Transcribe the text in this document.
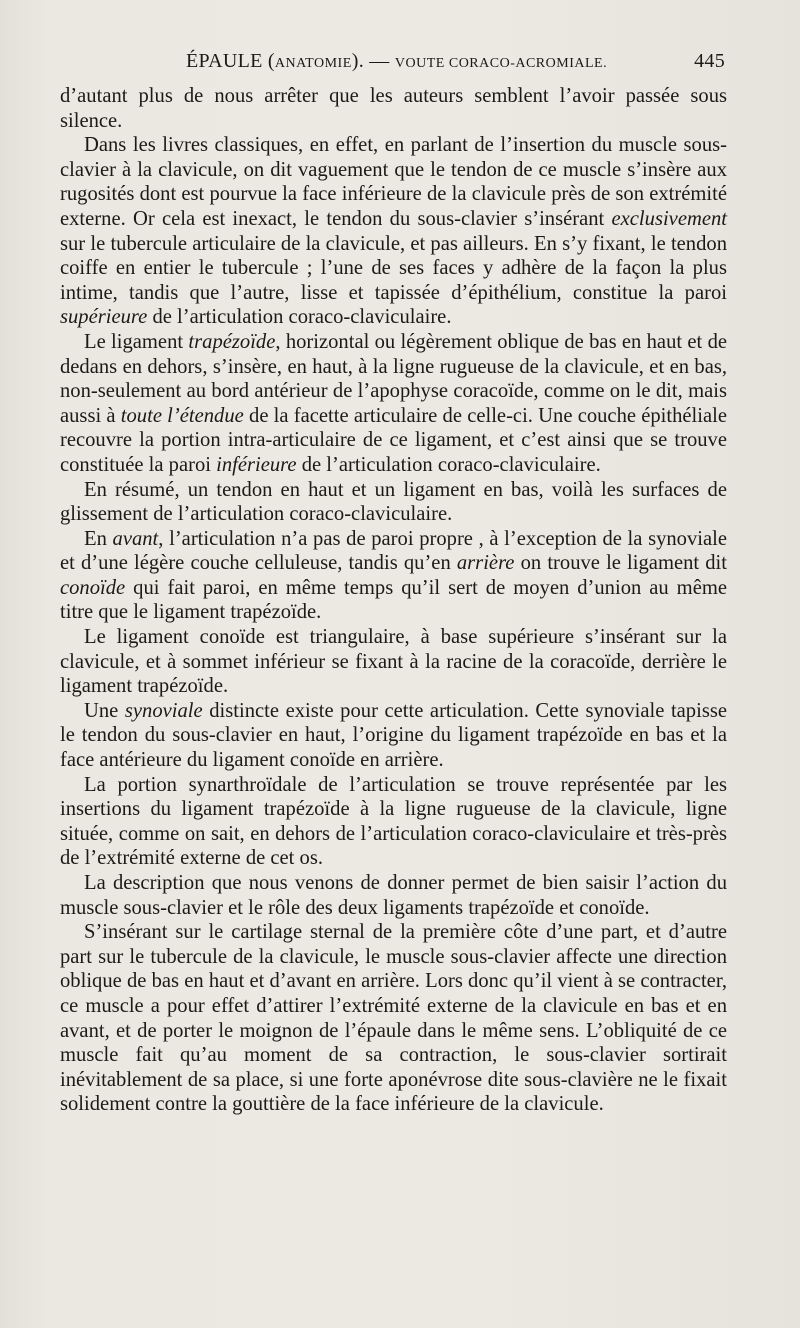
ÉPAULE (ANATOMIE). — VOUTE CORACO-ACROMIALE.	445

d’autant plus de nous arrêter que les auteurs semblent l’avoir passée sous silence.

Dans les livres classiques, en effet, en parlant de l’insertion du muscle sous-clavier à la clavicule, on dit vaguement que le tendon de ce muscle s’insère aux rugosités dont est pourvue la face inférieure de la clavicule près de son extrémité externe. Or cela est inexact, le tendon du sous-clavier s’insérant exclusivement sur le tubercule articulaire de la clavicule, et pas ailleurs. En s’y fixant, le tendon coiffe en entier le tubercule ; l’une de ses faces y adhère de la façon la plus intime, tandis que l’autre, lisse et tapissée d’épithélium, constitue la paroi supérieure de l’articulation coraco-claviculaire.

Le ligament trapézoïde, horizontal ou légèrement oblique de bas en haut et de dedans en dehors, s’insère, en haut, à la ligne rugueuse de la clavicule, et en bas, non-seulement au bord antérieur de l’apophyse coracoïde, comme on le dit, mais aussi à toute l’étendue de la facette articulaire de celle-ci. Une couche épithéliale recouvre la portion intra-articulaire de ce ligament, et c’est ainsi que se trouve constituée la paroi inférieure de l’articulation coraco-claviculaire.

En résumé, un tendon en haut et un ligament en bas, voilà les surfaces de glissement de l’articulation coraco-claviculaire.

En avant, l’articulation n’a pas de paroi propre , à l’exception de la synoviale et d’une légère couche celluleuse, tandis qu’en arrière on trouve le ligament dit conoïde qui fait paroi, en même temps qu’il sert de moyen d’union au même titre que le ligament trapézoïde.

Le ligament conoïde est triangulaire, à base supérieure s’insérant sur la clavicule, et à sommet inférieur se fixant à la racine de la coracoïde, derrière le ligament trapézoïde.

Une synoviale distincte existe pour cette articulation. Cette synoviale tapisse le tendon du sous-clavier en haut, l’origine du ligament trapézoïde en bas et la face antérieure du ligament conoïde en arrière.

La portion synarthroïdale de l’articulation se trouve représentée par les insertions du ligament trapézoïde à la ligne rugueuse de la clavicule, ligne située, comme on sait, en dehors de l’articulation coraco-claviculaire et très-près de l’extrémité externe de cet os.

La description que nous venons de donner permet de bien saisir l’action du muscle sous-clavier et le rôle des deux ligaments trapézoïde et conoïde.

S’insérant sur le cartilage sternal de la première côte d’une part, et d’autre part sur le tubercule de la clavicule, le muscle sous-clavier affecte une direction oblique de bas en haut et d’avant en arrière. Lors donc qu’il vient à se contracter, ce muscle a pour effet d’attirer l’extrémité externe de la clavicule en bas et en avant, et de porter le moignon de l’épaule dans le même sens. L’obliquité de ce muscle fait qu’au moment de sa contraction, le sous-clavier sortirait inévitablement de sa place, si une forte aponévrose dite sous-clavière ne le fixait solidement contre la gouttière de la face inférieure de la clavicule.
